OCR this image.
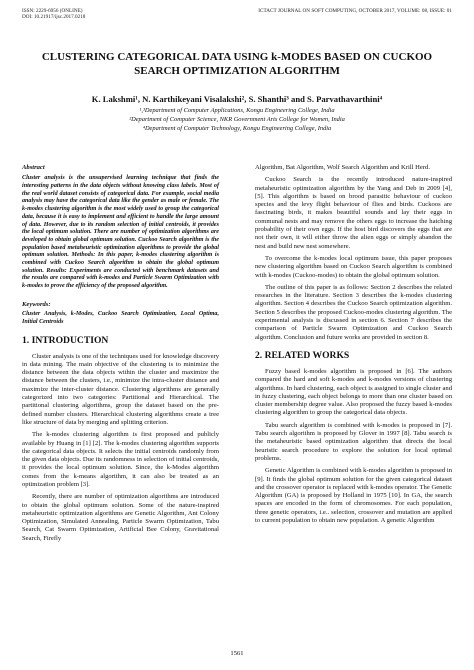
ISSN: 2229-6956 (ONLINE)
DOI: 10.21917/ijsc.2017.0218
ICTACT JOURNAL ON SOFT COMPUTING, OCTOBER 2017, VOLUME: 08, ISSUE: 01
CLUSTERING CATEGORICAL DATA USING k-MODES BASED ON CUCKOO SEARCH OPTIMIZATION ALGORITHM
K. Lakshmi¹, N. Karthikeyani Visalakshi², S. Shanthi³ and S. Parvathavarthini⁴
¹,³Department of Computer Applications, Kongu Engineering College, India
²Department of Computer Science, NKR Government Arts College for Women, India
⁴Department of Computer Technology, Kongu Engineering College, India
Abstract
Cluster analysis is the unsupervised learning technique that finds the interesting patterns in the data objects without knowing class labels. Most of the real world dataset consists of categorical data. For example, social media analysis may have the categorical data like the gender as male or female. The k-modes clustering algorithm is the most widely used to group the categorical data, because it is easy to implement and efficient to handle the large amount of data. However, due to its random selection of initial centroids, it provides the local optimum solution. There are number of optimization algorithms are developed to obtain global optimum solution. Cuckoo Search algorithm is the population based metaheuristic optimization algorithms to provide the global optimum solution. Methods: In this paper, k-modes clustering algorithm is combined with Cuckoo Search algorithm to obtain the global optimum solution. Results: Experiments are conducted with benchmark datasets and the results are compared with k-modes and Particle Swarm Optimization with k-modes to prove the efficiency of the proposed algorithm.
Keywords:
Cluster Analysis, k-Modes, Cuckoo Search Optimization, Local Optima, Initial Centroids
1. INTRODUCTION

Cluster analysis is one of the techniques used for knowledge discovery in data mining. The main objective of the clustering is to minimize the distance between the data objects within the cluster and maximize the distance between the clusters, i.e., minimize the intra-cluster distance and maximize the inter-cluster distance. Clustering algorithms are generally categorized into two categories: Partitional and Hierarchical. The partitional clustering algorithms, group the dataset based on the pre-defined number clusters. Hierarchical clustering algorithms create a tree like structure of data by merging and splitting criterion.

The k-modes clustering algorithm is first proposed and publicly available by Huang in [1] [2]. The k-modes clustering algorithm supports the categorical data objects. It selects the initial centroids randomly from the given data objects. Due its randomness in selection of initial centroids, it provides the local optimum solution. Since, the k-Modes algorithm comes from the k-means algorithm, it can also be treated as an optimization problem [3].

Recently, there are number of optimization algorithms are introduced to obtain the global optimum solution. Some of the nature-inspired metaheuristic optimization algorithms are Genetic Algorithm, Ant Colony Optimization, Simulated Annealing, Particle Swarm Optimization, Tabu Search, Cat Swarm Optimization, Artificial Bee Colony, Gravitational Search, Firefly

Algorithm, Bat Algorithm, Wolf Search Algorithm and Krill Herd.

Cuckoo Search is the recently introduced nature-inspired metaheuristic optimization algorithm by the Yang and Deb in 2009 [4], [5]. This algorithm is based on brood parasitic behaviour of cuckoo species and the levy flight behaviour of flies and birds. Cuckoos are fascinating birds, it makes beautiful sounds and lay their eggs in communal nests and may remove the others eggs to increase the hatching probability of their own eggs. If the host bird discovers the eggs that are not their own, it will either throw the alien eggs or simply abandon the nest and build new nest somewhere.

To overcome the k-modes local optimum issue, this paper proposes new clustering algorithm based on Cuckoo Search algorithm is combined with k-modes (Cuckoo-modes) to obtain the global optimum solution.

The outline of this paper is as follows: Section 2 describes the related researches in the literature. Section 3 describes the k-modes clustering algorithm. Section 4 describes the Cuckoo Search optimization algorithm. Section 5 describes the proposed Cuckoo-modes clustering algorithm. The experimental analysis is discussed in section 6. Section 7 describes the comparison of Particle Swarm Optimization and Cuckoo Search algorithm. Conclusion and future works are provided in section 8.

2. RELATED WORKS

Fuzzy based k-modes algorithm is proposed in [6]. The authors compared the hard and soft k-modes and k-modes versions of clustering algorithms. In hard clustering, each object is assigned to single cluster and in fuzzy clustering, each object belongs to more than one cluster based on cluster membership degree value. Also proposed the fuzzy based k-modes clustering algorithm to group the categorical data objects.

Tabu search algorithm is combined with k-modes is proposed in [7]. Tabu search algorithm is proposed by Glover in 1997 [8]. Tabu search is the metaheuristic based optimization algorithm that directs the local heuristic search procedure to explore the solution for local optimal problems.

Genetic Algorithm is combined with k-modes algorithm is proposed in [9]. It finds the global optimum solution for the given categorical dataset and the crossover operator is replaced with k-modes operator. The Genetic Algorithm (GA) is proposed by Holland in 1975 [10]. In GA, the search spaces are encoded in the form of chromosomes. For each population, three genetic operators, i.e.. selection, crossover and mutation are applied to current population to obtain new population. A genetic Algorithm

1561
